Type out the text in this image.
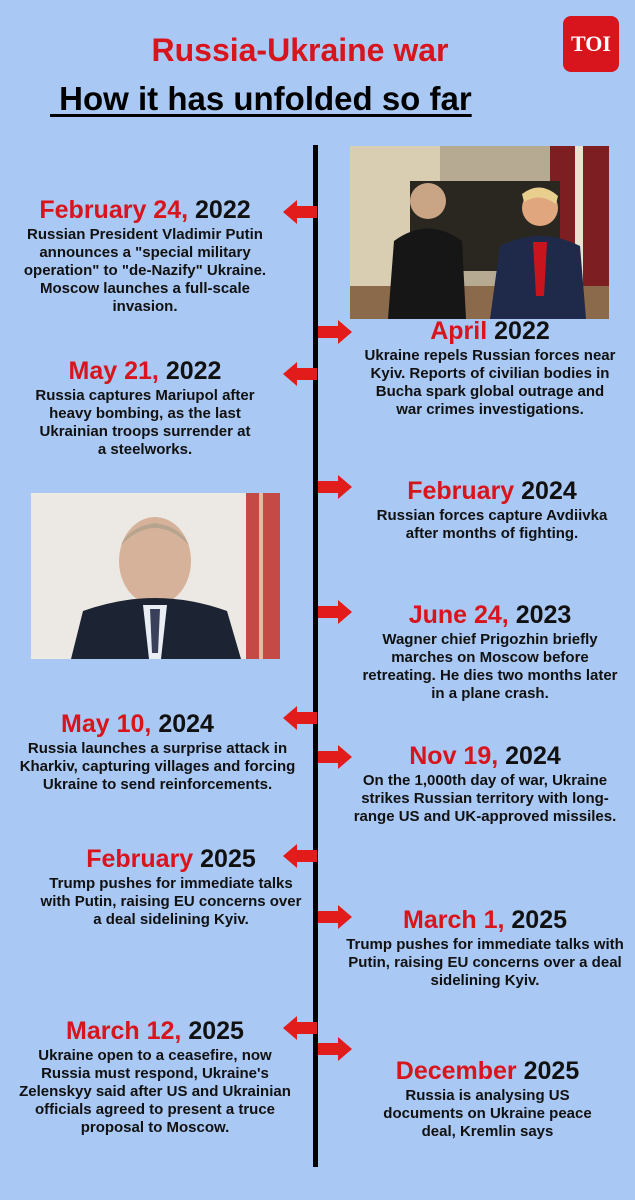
Russia-Ukraine war
How it has unfolded so far
TOI
February 24, 2022
Russian President Vladimir Putin announces a "special military operation" to "de-Nazify" Ukraine. Moscow launches a full-scale invasion.
April 2022
Ukraine repels Russian forces near Kyiv. Reports of civilian bodies in Bucha spark global outrage and war crimes investigations.
May 21, 2022
Russia captures Mariupol after heavy bombing, as the last Ukrainian troops surrender at a steelworks.
February 2024
Russian forces capture Avdiivka after months of fighting.
June 24, 2023
Wagner chief Prigozhin briefly marches on Moscow before retreating. He dies two months later in a plane crash.
May 10, 2024
Russia launches a surprise attack in Kharkiv, capturing villages and forcing Ukraine to send reinforcements.
Nov 19, 2024
On the 1,000th day of war, Ukraine strikes Russian territory with long-range US and UK-approved missiles.
February 2025
Trump pushes for immediate talks with Putin, raising EU concerns over a deal sidelining Kyiv.	March 1, 2025
Trump pushes for immediate talks with Putin, raising EU concerns over a deal sidelining Kyiv.
March 12, 2025
Ukraine open to a ceasefire, now Russia must respond, Ukraine's Zelenskyy said after US and Ukrainian officials agreed to present a truce proposal to Moscow.
December 2025
Russia is analysing US documents on Ukraine peace deal, Kremlin says
